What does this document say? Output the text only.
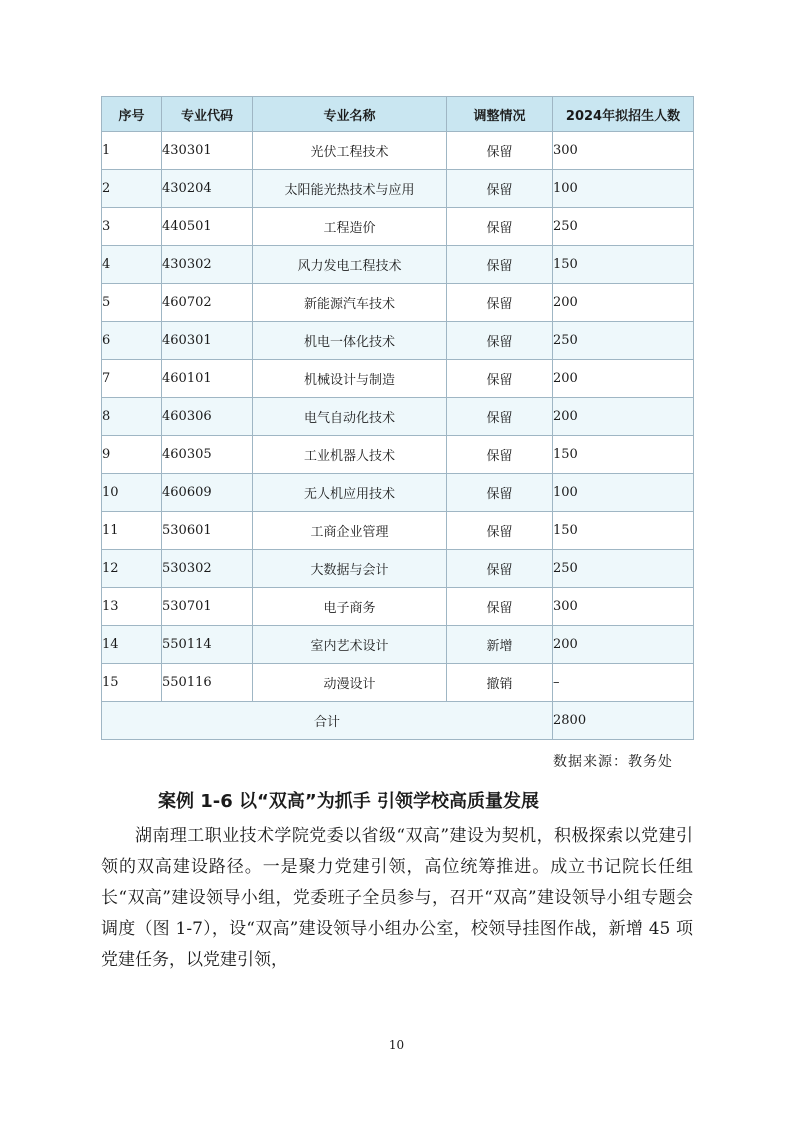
序号	专业代码	专业名称	调整情况	2024年拟招生人数
1	430301	光伏工程技术	保留	300
2	430204	太阳能光热技术与应用	保留	100
3	440501	工程造价	保留	250
4	430302	风力发电工程技术	保留	150
5	460702	新能源汽车技术	保留	200
6	460301	机电一体化技术	保留	250
7	460101	机械设计与制造	保留	200
8	460306	电气自动化技术	保留	200
9	460305	工业机器人技术	保留	150
10	460609	无人机应用技术	保留	100
11	530601	工商企业管理	保留	150
12	530302	大数据与会计	保留	250
13	530701	电子商务	保留	300
14	550114	室内艺术设计	新增	200
15	550116	动漫设计	撤销	–
合计				2800
数据来源：教务处
案例 1-6 以“双高”为抓手 引领学校高质量发展

湖南理工职业技术学院党委以省级“双高”建设为契机，积极探索以党建引领的双高建设路径。一是聚力党建引领，高位统筹推进。成立书记院长任组长“双高”建设领导小组，党委班子全员参与，召开“双高”建设领导小组专题会调度（图 1-7），设“双高”建设领导小组办公室，校领导挂图作战，新增 45 项党建任务，以党建引领，

10
